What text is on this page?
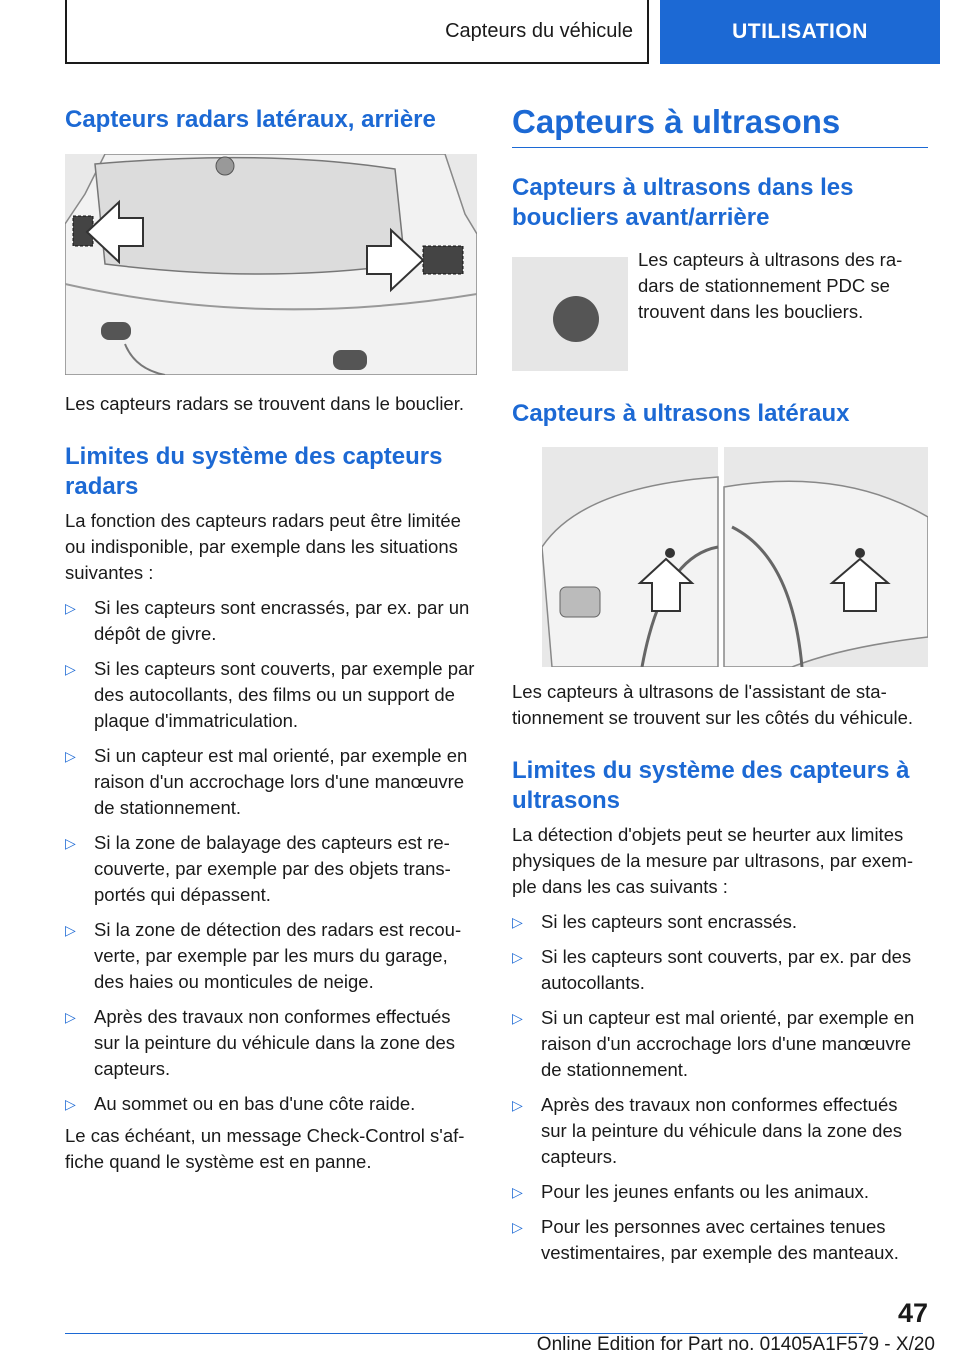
Capteurs du véhicule	UTILISATION
Capteurs radars latéraux, arrière

Les capteurs radars se trouvent dans le bouclier.

Limites du système des capteurs radars

La fonction des capteurs radars peut être limitée ou indisponible, par exemple dans les situations suivantes :

▷ Si les capteurs sont encrassés, par ex. par un dépôt de givre.
▷ Si les capteurs sont couverts, par exemple par des autocollants, des films ou un support de plaque d'immatriculation.
▷ Si un capteur est mal orienté, par exemple en raison d'un accrochage lors d'une manœuvre de stationnement.
▷ Si la zone de balayage des capteurs est re‐couverte, par exemple par des objets trans‐portés qui dépassent.
▷ Si la zone de détection des radars est recou‐verte, par exemple par les murs du garage, des haies ou monticules de neige.
▷ Après des travaux non conformes effectués sur la peinture du véhicule dans la zone des capteurs.
▷ Au sommet ou en bas d'une côte raide.

Le cas échéant, un message Check-Control s'af‐fiche quand le système est en panne.

Capteurs à ultrasons
Capteurs à ultrasons dans les boucliers avant/arrière

Les capteurs à ultrasons des ra‐dars de stationnement PDC se trouvent dans les boucliers.

Capteurs à ultrasons latéraux

Les capteurs à ultrasons de l'assistant de sta‐tionnement se trouvent sur les côtés du véhicule.

Limites du système des capteurs à ultrasons

La détection d'objets peut se heurter aux limites physiques de la mesure par ultrasons, par exem‐ple dans les cas suivants :

▷ Si les capteurs sont encrassés.
▷ Si les capteurs sont couverts, par ex. par des autocollants.
▷ Si un capteur est mal orienté, par exemple en raison d'un accrochage lors d'une manœuvre de stationnement.
▷ Après des travaux non conformes effectués sur la peinture du véhicule dans la zone des capteurs.
▷ Pour les jeunes enfants ou les animaux.
▷ Pour les personnes avec certaines tenues vestimentaires, par exemple des manteaux.
47
Online Edition for Part no. 01405A1F579 - X/20
